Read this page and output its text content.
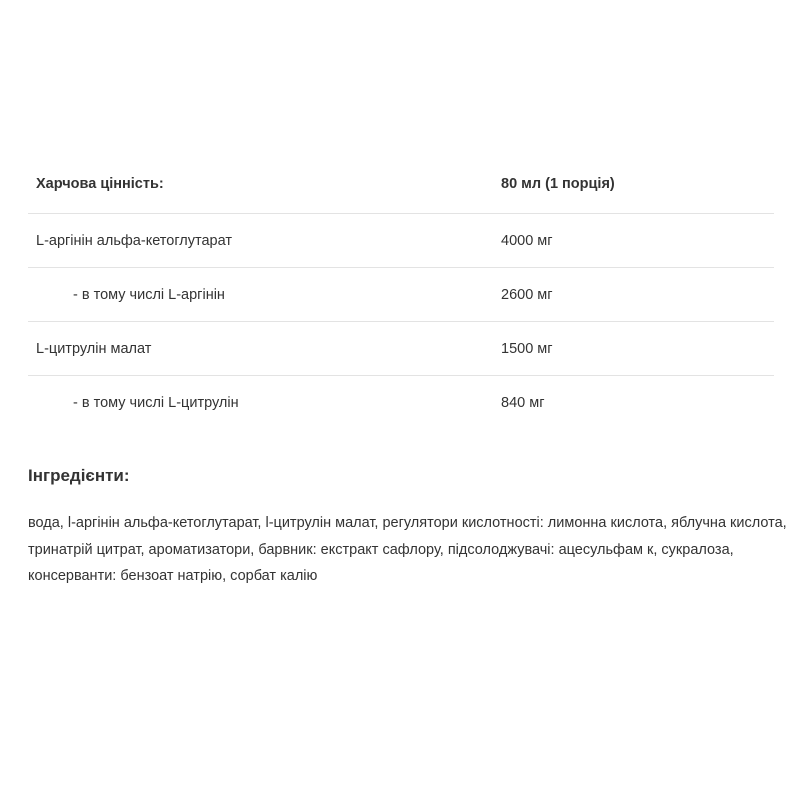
Харчова цінність:	80 мл (1 порція)
L-аргінін альфа-кетоглутарат	4000 мг
- в тому числі L-аргінін	2600 мг
L-цитрулін малат	1500 мг
- в тому числі L-цитрулін	840 мг
Інгредієнти:

вода, l-аргінін альфа-кетоглутарат, l-цитрулін малат, регулятори кислотності: лимонна кислота, яблучна кислота, тринатрій цитрат, ароматизатори, барвник: екстракт сафлору, підсолоджувачі: ацесульфам к, сукралоза, консерванти: бензоат натрію, сорбат калію
